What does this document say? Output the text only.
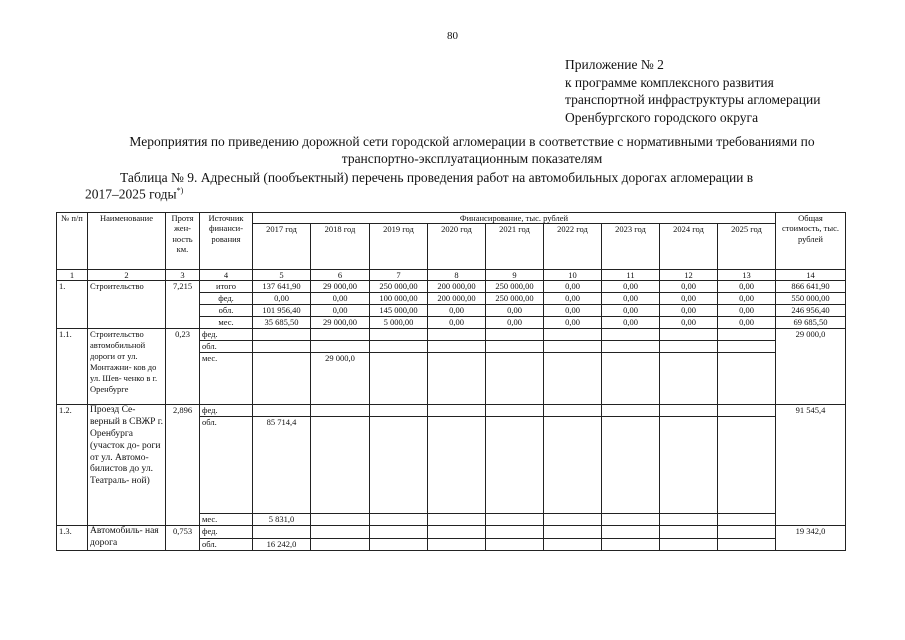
80
Приложение № 2
к программе комплексного развития
транспортной инфраструктуры агломерации
Оренбургского городского округа
Мероприятия по приведению дорожной сети городской агломерации в соответствие с нормативными требованиями по
транспортно-эксплуатационным показателям
Таблица № 9. Адресный (пообъектный) перечень проведения работ на автомобильных дорогах агломерации в
2017–2025 годы*)
№ п/п	Наименование	Протя жен- ность км.	Источник финанси- рования	Финансирование, тыс. рублей									Общая стоимость, тыс. рублей
				2017 год	2018 год	2019 год	2020 год	2021 год	2022 год	2023 год	2024 год	2025 год	
1	2	3	4	5	6	7	8	9	10	11	12	13	14
1.	Строительство	7,215	итого	137 641,90	29 000,00	250 000,00	200 000,00	250 000,00	0,00	0,00	0,00	0,00	866 641,90
			фед.	0,00	0,00	100 000,00	200 000,00	250 000,00	0,00	0,00	0,00	0,00	550 000,00
			обл.	101 956,40	0,00	145 000,00	0,00	0,00	0,00	0,00	0,00	0,00	246 956,40
			мес.	35 685,50	29 000,00	5 000,00	0,00	0,00	0,00	0,00	0,00	0,00	69 685,50
1.1.	Строительство автомобильной дороги от ул. Монтажни- ков до ул. Шев- ченко в г. Оренбурге	0,23	фед.										29 000,0
			обл.										
			мес.		29 000,0								
1.2.	Проезд Се- верный в СВЖР г. Оренбурга (участок до- роги от ул. Автомо- билистов до ул. Театраль- ной)	2,896	фед.										91 545,4
			обл.	85 714,4									
			мес.	5 831,0									
1.3.	Автомобиль- ная дорога	0,753	фед.										19 342,0
			обл.	16 242,0									
